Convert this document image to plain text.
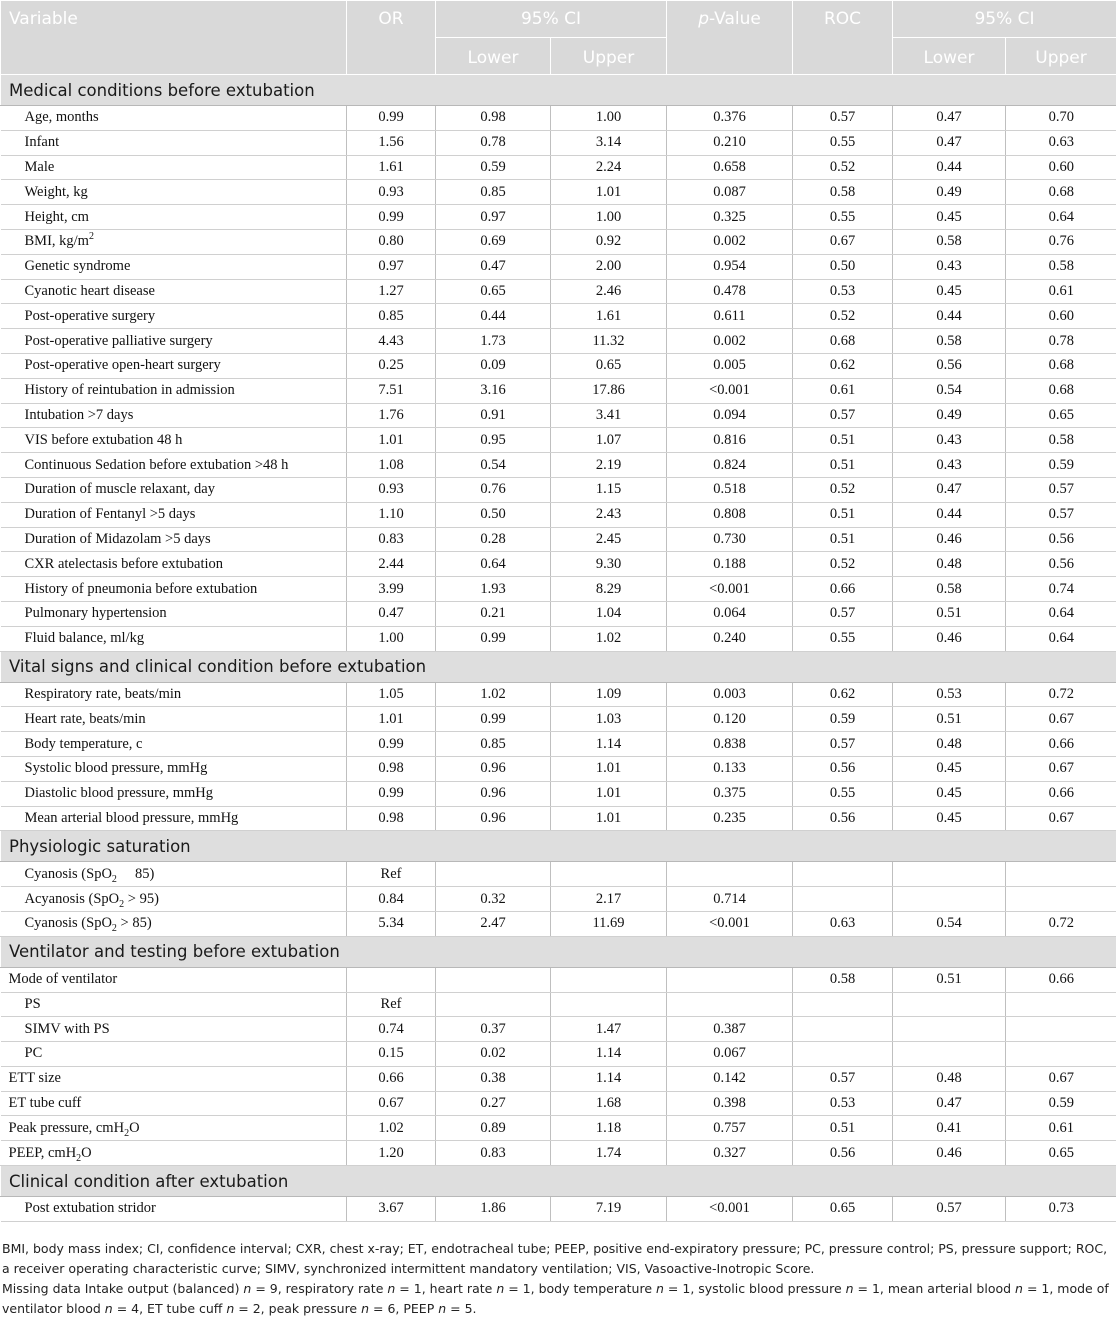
Variable	OR	95% CI		p-Value	ROC	95% CI	
		Lower	Upper			Lower	Upper
Medical conditions before extubation							
Age, months	0.99	0.98	1.00	0.376	0.57	0.47	0.70
Infant	1.56	0.78	3.14	0.210	0.55	0.47	0.63
Male	1.61	0.59	2.24	0.658	0.52	0.44	0.60
Weight, kg	0.93	0.85	1.01	0.087	0.58	0.49	0.68
Height, cm	0.99	0.97	1.00	0.325	0.55	0.45	0.64
BMI, $kg/m^2$	0.80	0.69	0.92	0.002	0.67	0.58	0.76
Genetic syndrome	0.97	0.47	2.00	0.954	0.50	0.43	0.58
Cyanotic heart disease	1.27	0.65	2.46	0.478	0.53	0.45	0.61
Post-operative surgery	0.85	0.44	1.61	0.611	0.52	0.44	0.60
Post-operative palliative surgery	4.43	1.73	11.32	0.002	0.68	0.58	0.78
Post-operative open-heart surgery	0.25	0.09	0.65	0.005	0.62	0.56	0.68
History of reintubation in admission	7.51	3.16	17.86	<0.001	0.61	0.54	0.68
Intubation >7 days	1.76	0.91	3.41	0.094	0.57	0.49	0.65
VIS before extubation 48 h	1.01	0.95	1.07	0.816	0.51	0.43	0.58
Continuous Sedation before extubation >48 h	1.08	0.54	2.19	0.824	0.51	0.43	0.59
Duration of muscle relaxant, day	0.93	0.76	1.15	0.518	0.52	0.47	0.57
Duration of Fentanyl >5 days	1.10	0.50	2.43	0.808	0.51	0.44	0.57
Duration of Midazolam >5 days	0.83	0.28	2.45	0.730	0.51	0.46	0.56
CXR atelectasis before extubation	2.44	0.64	9.30	0.188	0.52	0.48	0.56
History of pneumonia before extubation	3.99	1.93	8.29	<0.001	0.66	0.58	0.74
Pulmonary hypertension	0.47	0.21	1.04	0.064	0.57	0.51	0.64
Fluid balance, ml/kg	1.00	0.99	1.02	0.240	0.55	0.46	0.64
Vital signs and clinical condition before extubation							
Respiratory rate, beats/min	1.05	1.02	1.09	0.003	0.62	0.53	0.72
Heart rate, beats/min	1.01	0.99	1.03	0.120	0.59	0.51	0.67
Body temperature, c	0.99	0.85	1.14	0.838	0.57	0.48	0.66
Systolic blood pressure, mmHg	0.98	0.96	1.01	0.133	0.56	0.45	0.67
Diastolic blood pressure, mmHg	0.99	0.96	1.01	0.375	0.55	0.45	0.66
Mean arterial blood pressure, mmHg	0.98	0.96	1.01	0.235	0.56	0.45	0.67
Physiologic saturation							
Cyanosis (SpO$_2$     85)	Ref						
Acyanosis (SpO$_2$ > 95)	0.84	0.32	2.17	0.714			
Cyanosis (SpO$_2$ > 85)	5.34	2.47	11.69	<0.001	0.63	0.54	0.72
Ventilator and testing before extubation							
Mode of ventilator					0.58	0.51	0.66
PS	Ref						
SIMV with PS	0.74	0.37	1.47	0.387			
PC	0.15	0.02	1.14	0.067			
ETT size	0.66	0.38	1.14	0.142	0.57	0.48	0.67
ET tube cuff	0.67	0.27	1.68	0.398	0.53	0.47	0.59
Peak pressure, cmH$_2$O	1.02	0.89	1.18	0.757	0.51	0.41	0.61
PEEP, cmH$_2$O	1.20	0.83	1.74	0.327	0.56	0.46	0.65
Clinical condition after extubation							
Post extubation stridor	3.67	1.86	7.19	<0.001	0.65	0.57	0.73

BMI, body mass index; CI, confidence interval; CXR, chest x-ray; ET, endotracheal tube; PEEP, positive end-expiratory pressure; PC, pressure control; PS, pressure support; ROC, a receiver operating characteristic curve; SIMV, synchronized intermittent mandatory ventilation; VIS, Vasoactive-Inotropic Score.

Missing data Intake output (balanced) n = 9, respiratory rate n = 1, heart rate n = 1, body temperature n = 1, systolic blood pressure n = 1, mean arterial blood n = 1, mode of ventilator blood n = 4, ET tube cuff n = 2, peak pressure n = 6, PEEP n = 5.
